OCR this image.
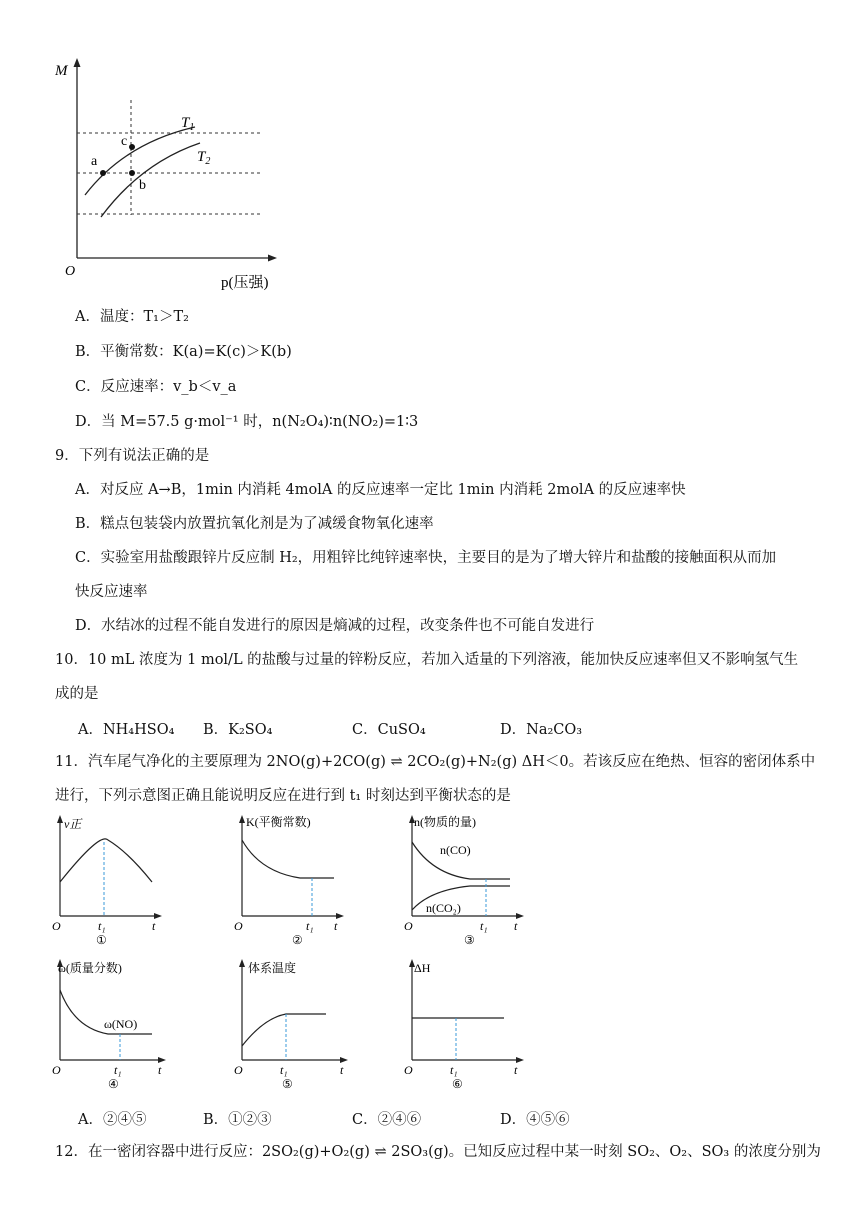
M
O
p(压强)
a
c
b
$T_1$
$T_2$
A．温度：T₁＞T₂
B．平衡常数：K(a)=K(c)＞K(b)
C．反应速率：v_b＜v_a
D．当 M=57.5 g·mol⁻¹ 时，n(N₂O₄)∶n(NO₂)=1∶3
9．下列有说法正确的是
A．对反应 A→B，1min 内消耗 4molA 的反应速率一定比 1min 内消耗 2molA 的反应速率快
B．糕点包装袋内放置抗氧化剂是为了减缓食物氧化速率
C．实验室用盐酸跟锌片反应制 H₂，用粗锌比纯锌速率快，主要目的是为了增大锌片和盐酸的接触面积从而加
快反应速率
D．水结冰的过程不能自发进行的原因是熵减的过程，改变条件也不可能自发进行
10．10 mL 浓度为 1 mol/L 的盐酸与过量的锌粉反应，若加入适量的下列溶液，能加快反应速率但又不影响氢气生
成的是
A．NH₄HSO₄ B．K₂SO₄	C．CuSO₄	D．Na₂CO₃
11．汽车尾气净化的主要原理为 2NO(g)+2CO(g) ⇌ 2CO₂(g)+N₂(g) ΔH＜0。若该反应在绝热、恒容的密闭体系中
进行，下列示意图正确且能说明反应在进行到 t₁ 时刻达到平衡状态的是
v正
O	t₁	t
①
K(平衡常数)
O	t₁ t
②
n(物质的量)
n(CO)
n(CO₂)
O	t₁ t
③
ω(质量分数)
ω(NO)
O	t₁	t
④
体系温度
O	t₁	t
⑤
ΔH
O	t₁	t
⑥
A．②④⑤	B．①②③	C．②④⑥	D．④⑤⑥
12．在一密闭容器中进行反应：2SO₂(g)+O₂(g) ⇌ 2SO₃(g)。已知反应过程中某一时刻 SO₂、O₂、SO₃ 的浓度分别为
